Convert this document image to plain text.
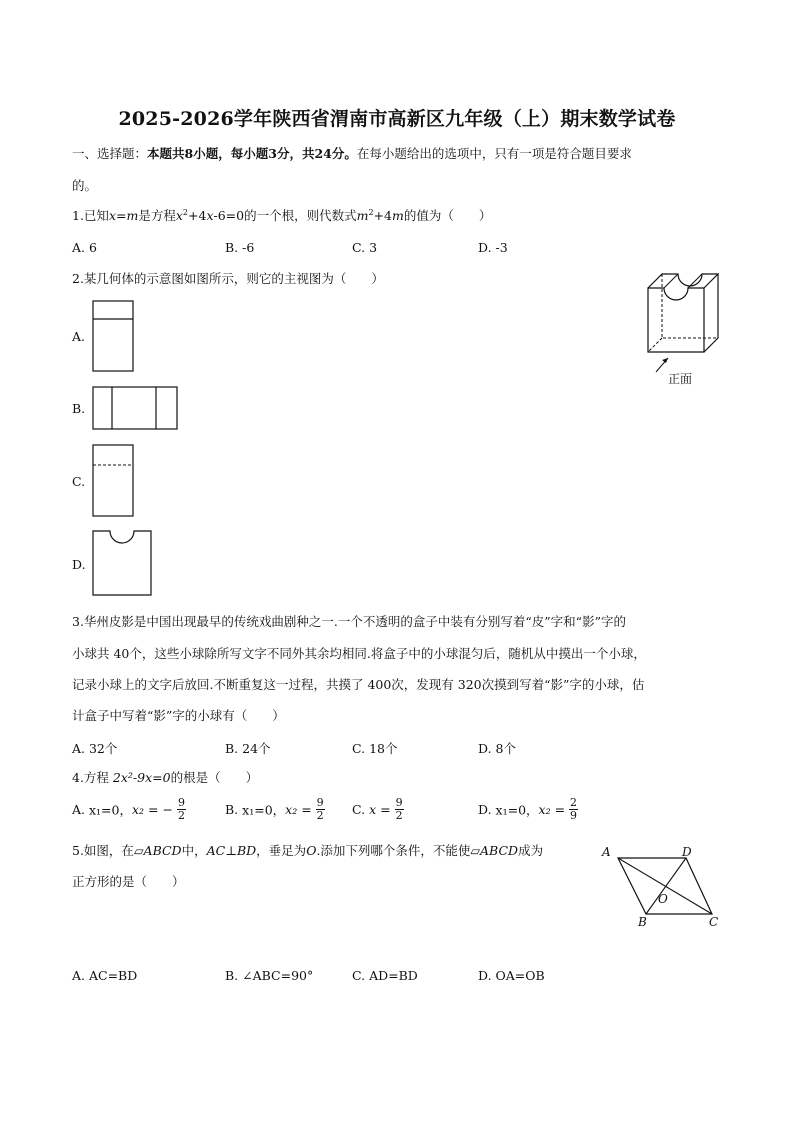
2025-2026学年陕西省渭南市高新区九年级（上）期末数学试卷
一、选择题：本题共8小题，每小题3分，共24分。在每小题给出的选项中，只有一项是符合题目要求
的。
1.已知x=m是方程$x^2+4x-6=0$的一个根，则代数式$m^2+4m$的值为（　　）
A. 6	B. -6	C. 3	D. -3
2.某几何体的示意图如图所示，则它的主视图为（　　）
正面
A.
B.
C.
D.
3.华州皮影是中国出现最早的传统戏曲剧种之一.一个不透明的盒子中装有分别写着“皮”字和“影”字的
小球共 40个，这些小球除所写文字不同外其余均相同.将盒子中的小球混匀后，随机从中摸出一个小球，
记录小球上的文字后放回.不断重复这一过程，共摸了 400次，发现有 320次摸到写着“影”字的小球，估
计盒子中写着“影”字的小球有（　　）
A. 32个	B. 24个	C. 18个	D. 8个
4.方程 2x²-9x=0的根是（　　）
A. x₁=0，x₂ = − $\frac{9}{2}$	B. x₁=0，$x_2 = \frac{9}{2} C$. $x = \frac{9}{2}$	D. x₁=0，$x_2 = \frac{2}{9}$
5.如图，在▱ABCD中，AC⊥BD，垂足为O.添加下列哪个条件，不能使▱ABCD成为
正方形的是（　　）
A	D
B	C
O
A. AC=BD	B. ∠ABC=90°	C. AD=BD	D. OA=OB
